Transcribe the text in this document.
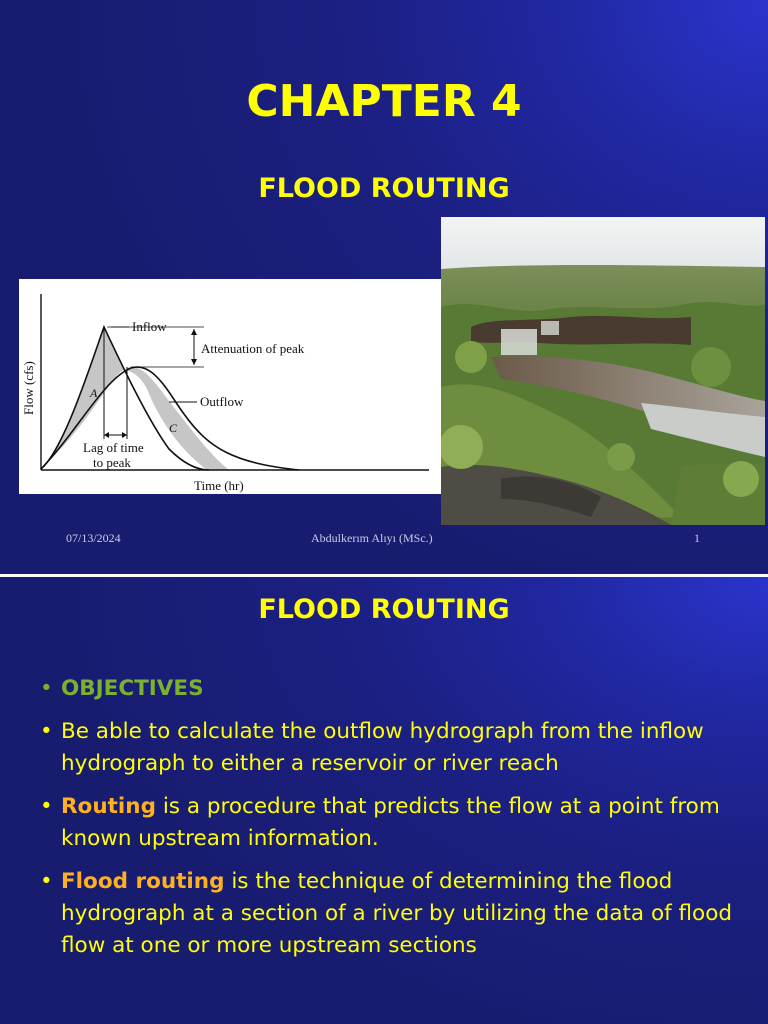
CHAPTER 4
FLOOD ROUTING
Inflow
Attenuation of peak
Outflow
A
C
Lag of time
to peak
Time (hr)
Flow (cfs)
07/13/2024	Abdulkerım Alıyı (MSc.)	1
FLOOD ROUTING
• OBJECTIVES
• Be able to calculate the outflow hydrograph from the inflow hydrograph to either a reservoir or river reach
• Routing is a procedure that predicts the flow at a point from known upstream information.
• Flood routing is the technique of determining the flood hydrograph at a section of a river by utilizing the data of flood flow at one or more upstream sections
